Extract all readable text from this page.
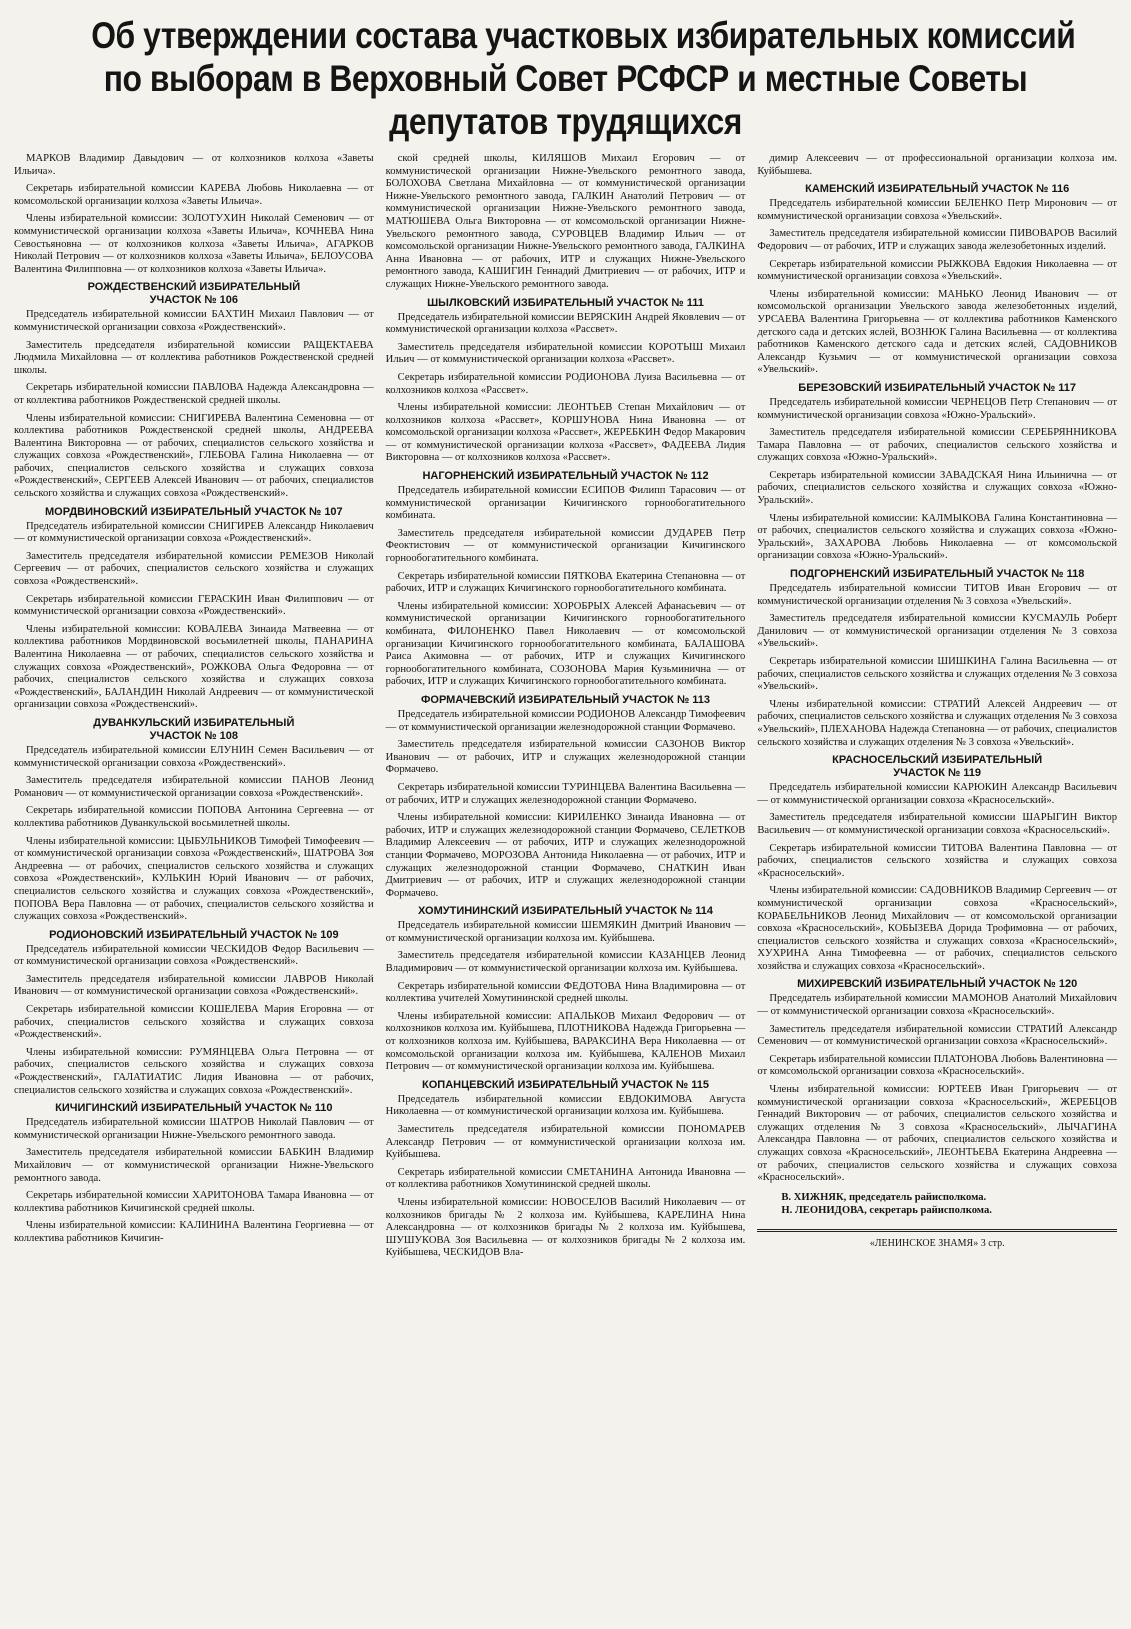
Об утверждении состава участковых избирательных комиссий
по выборам в Верховный Совет РСФСР и местные Советы
депутатов трудящихся

МАРКОВ Владимир Давыдович — от колхозников колхоза «Заветы Ильича».

Секретарь избирательной комиссии КАРЕВА Любовь Николаевна — от комсомольской организации колхоза «Заветы Ильича».

Члены избирательной комиссии: ЗОЛОТУХИН Николай Семенович — от коммунистической организации колхоза «Заветы Ильича», КОЧНЕВА Нина Севостьяновна — от колхозников колхоза «Заветы Ильича», АГАРКОВ Николай Петрович — от колхозников колхоза «Заветы Ильича», БЕЛОУСОВА Валентина Филипповна — от колхозников колхоза «Заветы Ильича».

РОЖДЕСТВЕНСКИЙ ИЗБИРАТЕЛЬНЫЙ
УЧАСТОК № 106

Председатель избирательной комиссии БАХТИН Михаил Павлович — от коммунистической организации совхоза «Рождественский».

Заместитель председателя избирательной комиссии РАЩЕКТАЕВА Людмила Михайловна — от коллектива работников Рождественской средней школы.

Секретарь избирательной комиссии ПАВЛОВА Надежда Александровна — от коллектива работников Рождественской средней школы.

Члены избирательной комиссии: СНИГИРЕВА Валентина Семеновна — от коллектива работников Рождественской средней школы, АНДРЕЕВА Валентина Викторовна — от рабочих, специалистов сельского хозяйства и служащих совхоза «Рождественский», ГЛЕБОВА Галина Николаевна — от рабочих, специалистов сельского хозяйства и служащих совхоза «Рождественский», СЕРГЕЕВ Алексей Иванович — от рабочих, специалистов сельского хозяйства и служащих совхоза «Рождественский».

МОРДВИНОВСКИЙ ИЗБИРАТЕЛЬНЫЙ УЧАСТОК № 107

Председатель избирательной комиссии СНИГИРЕВ Александр Николаевич — от коммунистической организации совхоза «Рождественский».

Заместитель председателя избирательной комиссии РЕМЕЗОВ Николай Сергеевич — от рабочих, специалистов сельского хозяйства и служащих совхоза «Рождественский».

Секретарь избирательной комиссии ГЕРАСКИН Иван Филиппович — от коммунистической организации совхоза «Рождественский».

Члены избирательной комиссии: КОВАЛЕВА Зинаида Матвеевна — от коллектива работников Мордвиновской восьмилетней школы, ПАНАРИНА Валентина Николаевна — от рабочих, специалистов сельского хозяйства и служащих совхоза «Рождественский», РОЖКОВА Ольга Федоровна — от рабочих, специалистов сельского хозяйства и служащих совхоза «Рождественский», БАЛАНДИН Николай Андреевич — от коммунистической организации совхоза «Рождественский».

ДУВАНКУЛЬСКИЙ ИЗБИРАТЕЛЬНЫЙ
УЧАСТОК № 108

Председатель избирательной комиссии ЕЛУНИН Семен Васильевич — от коммунистической организации совхоза «Рождественский».

Заместитель председателя избирательной комиссии ПАНОВ Леонид Романович — от коммунистической организации совхоза «Рождественский».

Секретарь избирательной комиссии ПОПОВА Антонина Сергеевна — от коллектива работников Дуванкульской восьмилетней школы.

Члены избирательной комиссии: ЦЫБУЛЬНИКОВ Тимофей Тимофеевич — от коммунистической организации совхоза «Рождественский», ШАТРОВА Зоя Андреевна — от рабочих, специалистов сельского хозяйства и служащих совхоза «Рождественский», КУЛЬКИН Юрий Иванович — от рабочих, специалистов сельского хозяйства и служащих совхоза «Рождественский», ПОПОВА Вера Павловна — от рабочих, специалистов сельского хозяйства и служащих совхоза «Рождественский».

РОДИОНОВСКИЙ ИЗБИРАТЕЛЬНЫЙ УЧАСТОК № 109

Председатель избирательной комиссии ЧЕСКИДОВ Федор Васильевич — от коммунистической организации совхоза «Рождественский».

Заместитель председателя избирательной комиссии ЛАВРОВ Николай Иванович — от коммунистической организации совхоза «Рождественский».

Секретарь избирательной комиссии КОШЕЛЕВА Мария Егоровна — от рабочих, специалистов сельского хозяйства и служащих совхоза «Рождественский».

Члены избирательной комиссии: РУМЯНЦЕВА Ольга Петровна — от рабочих, специалистов сельского хозяйства и служащих совхоза «Рождественский», ГАЛАТИАТИС Лидия Ивановна — от рабочих, специалистов сельского хозяйства и служащих совхоза «Рождественский».

КИЧИГИНСКИЙ ИЗБИРАТЕЛЬНЫЙ УЧАСТОК № 110

Председатель избирательной комиссии ШАТРОВ Николай Павлович — от коммунистической организации Нижне-Увельского ремонтного завода.

Заместитель председателя избирательной комиссии БАБКИН Владимир Михайлович — от коммунистической организации Нижне-Увельского ремонтного завода.

Секретарь избирательной комиссии ХАРИТОНОВА Тамара Ивановна — от коллектива работников Кичигинской средней школы.

Члены избирательной комиссии: КАЛИНИНА Валентина Георгиевна — от коллектива работников Кичигин-

ской средней школы, КИЛЯШОВ Михаил Егорович — от коммунистической организации Нижне-Увельского ремонтного завода, БОЛОХОВА Светлана Михайловна — от коммунистической организации Нижне-Увельского ремонтного завода, ГАЛКИН Анатолий Петрович — от коммунистической организации Нижне-Увельского ремонтного завода, МАТЮШЕВА Ольга Викторовна — от комсомольской организации Нижне-Увельского ремонтного завода, СУРОВЦЕВ Владимир Ильич — от комсомольской организации Нижне-Увельского ремонтного завода, ГАЛКИНА Анна Ивановна — от рабочих, ИТР и служащих Нижне-Увельского ремонтного завода, КАШИГИН Геннадий Дмитриевич — от рабочих, ИТР и служащих Нижне-Увельского ремонтного завода.

ШЫЛКОВСКИЙ ИЗБИРАТЕЛЬНЫЙ УЧАСТОК № 111

Председатель избирательной комиссии ВЕРЯСКИН Андрей Яковлевич — от коммунистической организации колхоза «Рассвет».

Заместитель председателя избирательной комиссии КОРОТЫШ Михаил Ильич — от коммунистической организации колхоза «Рассвет».

Секретарь избирательной комиссии РОДИОНОВА Луиза Васильевна — от колхозников колхоза «Рассвет».

Члены избирательной комиссии: ЛЕОНТЬЕВ Степан Михайлович — от колхозников колхоза «Рассвет», КОРШУНОВА Нина Ивановна — от комсомольской организации колхоза «Рассвет», ЖЕРЕБКИН Федор Макарович — от коммунистической организации колхоза «Рассвет», ФАДЕЕВА Лидия Викторовна — от колхозников колхоза «Рассвет».

НАГОРНЕНСКИЙ ИЗБИРАТЕЛЬНЫЙ УЧАСТОК № 112

Председатель избирательной комиссии ЕСИПОВ Филипп Тарасович — от коммунистической организации Кичигинского горнообогатительного комбината.

Заместитель председателя избирательной комиссии ДУДАРЕВ Петр Феоктистович — от коммунистической организации Кичигинского горнообогатительного комбината.

Секретарь избирательной комиссии ПЯТКОВА Екатерина Степановна — от рабочих, ИТР и служащих Кичигинского горнообогатительного комбината.

Члены избирательной комиссии: ХОРОБРЫХ Алексей Афанасьевич — от коммунистической организации Кичигинского горнообогатительного комбината, ФИЛОНЕНКО Павел Николаевич — от комсомольской организации Кичигинского горнообогатительного комбината, БАЛАШОВА Раиса Акимовна — от рабочих, ИТР и служащих Кичигинского горнообогатительного комбината, СОЗОНОВА Мария Кузьминична — от рабочих, ИТР и служащих Кичигинского горнообогатительного комбината.

ФОРМАЧЕВСКИЙ ИЗБИРАТЕЛЬНЫЙ УЧАСТОК № 113

Председатель избирательной комиссии РОДИОНОВ Александр Тимофеевич — от коммунистической организации железнодорожной станции Формачево.

Заместитель председателя избирательной комиссии САЗОНОВ Виктор Иванович — от рабочих, ИТР и служащих железнодорожной станции Формачево.

Секретарь избирательной комиссии ТУРИНЦЕВА Валентина Васильевна — от рабочих, ИТР и служащих железнодорожной станции Формачево.

Члены избирательной комиссии: КИРИЛЕНКО Зинаида Ивановна — от рабочих, ИТР и служащих железнодорожной станции Формачево, СЕЛЕТКОВ Владимир Алексеевич — от рабочих, ИТР и служащих железнодорожной станции Формачево, МОРОЗОВА Антонида Николаевна — от рабочих, ИТР и служащих железнодорожной станции Формачево, СНАТКИН Иван Дмитриевич — от рабочих, ИТР и служащих железнодорожной станции Формачево.

ХОМУТИНИНСКИЙ ИЗБИРАТЕЛЬНЫЙ УЧАСТОК № 114

Председатель избирательной комиссии ШЕМЯКИН Дмитрий Иванович — от коммунистической организации колхоза им. Куйбышева.

Заместитель председателя избирательной комиссии КАЗАНЦЕВ Леонид Владимирович — от коммунистической организации колхоза им. Куйбышева.

Секретарь избирательной комиссии ФЕДОТОВА Нина Владимировна — от коллектива учителей Хомутининской средней школы.

Члены избирательной комиссии: АПАЛЬКОВ Михаил Федорович — от колхозников колхоза им. Куйбышева, ПЛОТНИКОВА Надежда Григорьевна — от колхозников колхоза им. Куйбышева, ВАРАКСИНА Вера Николаевна — от комсомольской организации колхоза им. Куйбышева, КАЛЕНОВ Михаил Петрович — от коммунистической организации колхоза им. Куйбышева.

КОПАНЦЕВСКИЙ ИЗБИРАТЕЛЬНЫЙ УЧАСТОК № 115

Председатель избирательной комиссии ЕВДОКИМОВА Августа Николаевна — от коммунистической организации колхоза им. Куйбышева.

Заместитель председателя избирательной комиссии ПОНОМАРЕВ Александр Петрович — от коммунистической организации колхоза им. Куйбышева.

Секретарь избирательной комиссии СМЕТАНИНА Антонида Ивановна — от коллектива работников Хомутининской средней школы.

Члены избирательной комиссии: НОВОСЕЛОВ Василий Николаевич — от колхозников бригады № 2 колхоза им. Куйбышева, КАРЕЛИНА Нина Александровна — от колхозников бригады № 2 колхоза им. Куйбышева, ШУШУКОВА Зоя Васильевна — от колхозников бригады № 2 колхоза им. Куйбышева, ЧЕСКИДОВ Вла-

димир Алексеевич — от профессиональной организации колхоза им. Куйбышева.

КАМЕНСКИЙ ИЗБИРАТЕЛЬНЫЙ УЧАСТОК № 116

Председатель избирательной комиссии БЕЛЕНКО Петр Миронович — от коммунистической организации совхоза «Увельский».

Заместитель председателя избирательной комиссии ПИВОВАРОВ Василий Федорович — от рабочих, ИТР и служащих завода железобетонных изделий.

Секретарь избирательной комиссии РЫЖКОВА Евдокия Николаевна — от коммунистической организации совхоза «Увельский».

Члены избирательной комиссии: МАНЬКО Леонид Иванович — от комсомольской организации Увельского завода железобетонных изделий, УРСАЕВА Валентина Григорьевна — от коллектива работников Каменского детского сада и детских яслей, ВОЗНЮК Галина Васильевна — от коллектива работников Каменского детского сада и детских яслей, САДОВНИКОВ Александр Кузьмич — от коммунистической организации совхоза «Увельский».

БЕРЕЗОВСКИЙ ИЗБИРАТЕЛЬНЫЙ УЧАСТОК № 117

Председатель избирательной комиссии ЧЕРНЕЦОВ Петр Степанович — от коммунистической организации совхоза «Южно-Уральский».

Заместитель председателя избирательной комиссии СЕРЕБРЯННИКОВА Тамара Павловна — от рабочих, специалистов сельского хозяйства и служащих совхоза «Южно-Уральский».

Секретарь избирательной комиссии ЗАВАДСКАЯ Нина Ильинична — от рабочих, специалистов сельского хозяйства и служащих совхоза «Южно-Уральский».

Члены избирательной комиссии: КАЛМЫКОВА Галина Константиновна — от рабочих, специалистов сельского хозяйства и служащих совхоза «Южно-Уральский», ЗАХАРОВА Любовь Николаевна — от комсомольской организации совхоза «Южно-Уральский».

ПОДГОРНЕНСКИЙ ИЗБИРАТЕЛЬНЫЙ УЧАСТОК № 118

Председатель избирательной комиссии ТИТОВ Иван Егорович — от коммунистической организации отделения № 3 совхоза «Увельский».

Заместитель председателя избирательной комиссии КУСМАУЛЬ Роберт Данилович — от коммунистической организации отделения № 3 совхоза «Увельский».

Секретарь избирательной комиссии ШИШКИНА Галина Васильевна — от рабочих, специалистов сельского хозяйства и служащих отделения № 3 совхоза «Увельский».

Члены избирательной комиссии: СТРАТИЙ Алексей Андреевич — от рабочих, специалистов сельского хозяйства и служащих отделения № 3 совхоза «Увельский», ПЛЕХАНОВА Надежда Степановна — от рабочих, специалистов сельского хозяйства и служащих отделения № 3 совхоза «Увельский».

КРАСНОСЕЛЬСКИЙ ИЗБИРАТЕЛЬНЫЙ
УЧАСТОК № 119

Председатель избирательной комиссии КАРЮКИН Александр Васильевич — от коммунистической организации совхоза «Красносельский».

Заместитель председателя избирательной комиссии ШАРЫГИН Виктор Васильевич — от коммунистической организации совхоза «Красносельский».

Секретарь избирательной комиссии ТИТОВА Валентина Павловна — от рабочих, специалистов сельского хозяйства и служащих совхоза «Красносельский».

Члены избирательной комиссии: САДОВНИКОВ Владимир Сергеевич — от коммунистической организации совхоза «Красносельский», КОРАБЕЛЬНИКОВ Леонид Михайлович — от комсомольской организации совхоза «Красносельский», КОБЫЗЕВА Дорида Трофимовна — от рабочих, специалистов сельского хозяйства и служащих совхоза «Красносельский», ХУХРИНА Анна Тимофеевна — от рабочих, специалистов сельского хозяйства и служащих совхоза «Красносельский».

МИХИРЕВСКИЙ ИЗБИРАТЕЛЬНЫЙ УЧАСТОК № 120

Председатель избирательной комиссии МАМОНОВ Анатолий Михайлович — от коммунистической организации совхоза «Красносельский».

Заместитель председателя избирательной комиссии СТРАТИЙ Александр Семенович — от коммунистической организации совхоза «Красносельский».

Секретарь избирательной комиссии ПЛАТОНОВА Любовь Валентиновна — от комсомольской организации совхоза «Красносельский».

Члены избирательной комиссии: ЮРТЕЕВ Иван Григорьевич — от коммунистической организации совхоза «Красносельский», ЖЕРЕБЦОВ Геннадий Викторович — от рабочих, специалистов сельского хозяйства и служащих отделения № 3 совхоза «Красносельский», ЛЫЧАГИНА Александра Павловна — от рабочих, специалистов сельского хозяйства и служащих совхоза «Красносельский», ЛЕОНТЬЕВА Екатерина Андреевна — от рабочих, специалистов сельского хозяйства и служащих совхоза «Красносельский».

В. ХИЖНЯК, председатель райисполкома.
Н. ЛЕОНИДОВА, секретарь райисполкома.
«ЛЕНИНСКОЕ ЗНАМЯ» 3 стр.
